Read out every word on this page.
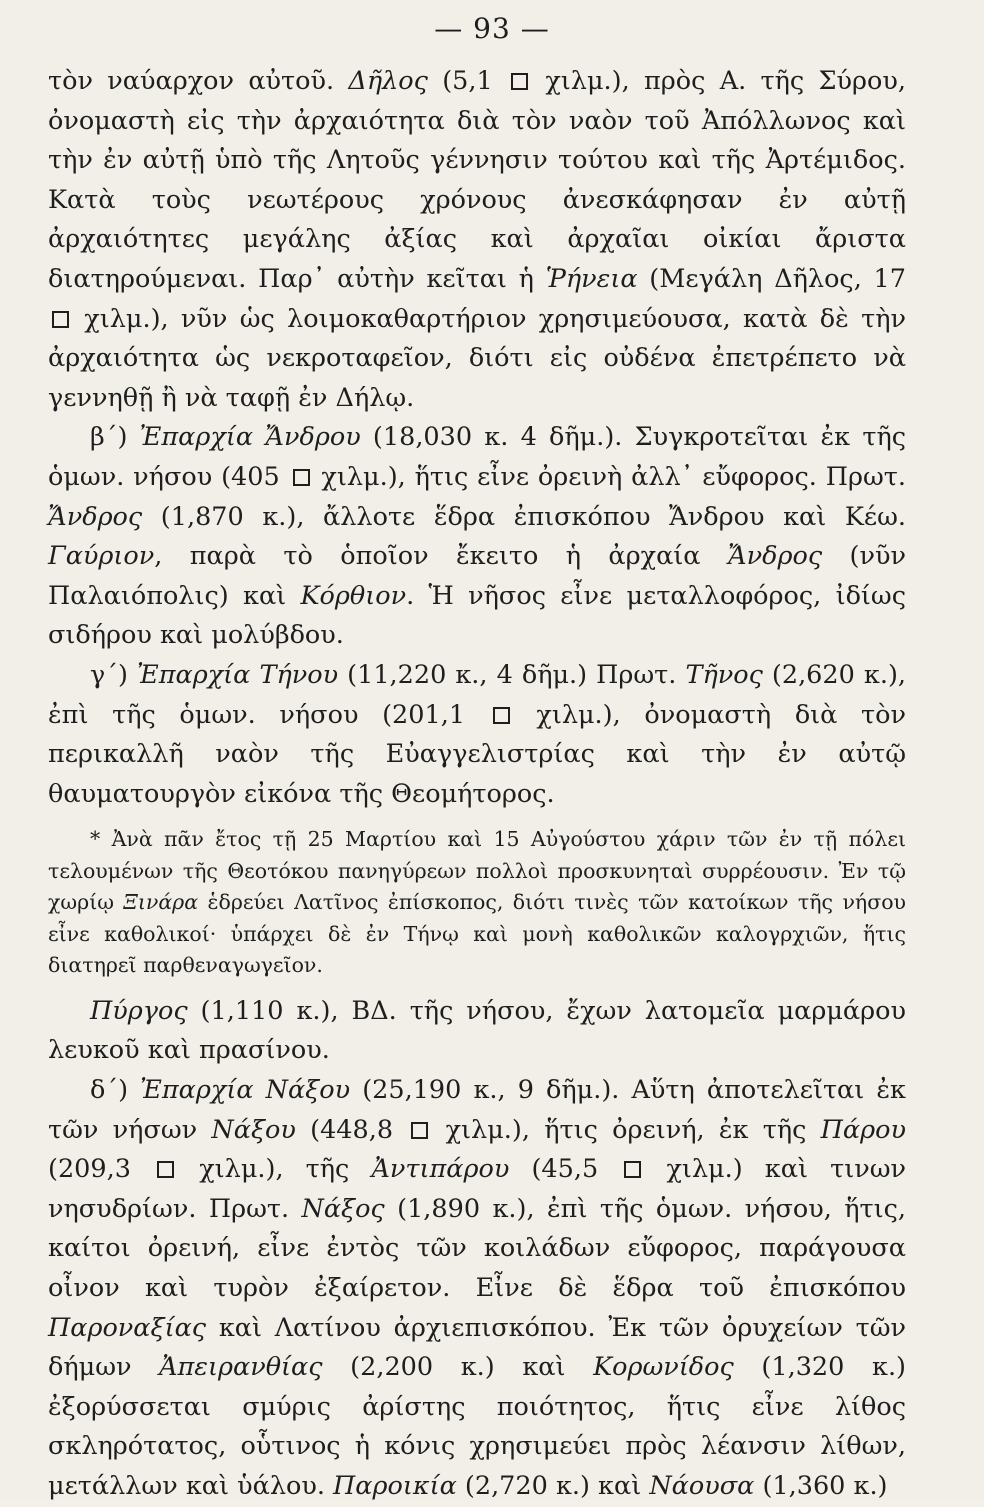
— 93 —

τὸν ναύαρχον αὐτοῦ. Δῆλος (5,1  χιλμ.), πρὸς Α. τῆς Σύρου, ὀνομαστὴ εἰς τὴν ἀρχαιότητα διὰ τὸν ναὸν τοῦ Ἀπόλλωνος καὶ τὴν ἐν αὐτῇ ὑπὸ τῆς Λητοῦς γέννησιν τούτου καὶ τῆς Ἀρτέμιδος. Κατὰ τοὺς νεωτέρους χρόνους ἀνεσκάφησαν ἐν αὐτῇ ἀρχαιότητες μεγάλης ἀξίας καὶ ἀρχαῖαι οἰκίαι ἄριστα διατηρούμεναι. Παρ᾽ αὐτὴν κεῖται ἡ Ῥήνεια (Μεγάλη Δῆλος, 17  χιλμ.), νῦν ὡς λοιμοκαθαρτήριον χρησιμεύουσα, κατὰ δὲ τὴν ἀρχαιότητα ὡς νεκροταφεῖον, διότι εἰς οὐδένα ἐπετρέπετο νὰ γεννηθῇ ἢ νὰ ταφῇ ἐν Δήλῳ.

β΄) Ἐπαρχία Ἄνδρου (18,030 κ. 4 δῆμ.). Συγκροτεῖται ἐκ τῆς ὁμων. νήσου (405  χιλμ.), ἥτις εἶνε ὀρεινὴ ἀλλ᾽ εὔφορος. Πρωτ. Ἄνδρος (1,870 κ.), ἄλλοτε ἕδρα ἐπισκόπου Ἄνδρου καὶ Κέω. Γαύριον, παρὰ τὸ ὁποῖον ἔκειτο ἡ ἀρχαία Ἄνδρος (νῦν Παλαιόπολις) καὶ Κόρθιον. Ἡ νῆσος εἶνε μεταλλοφόρος, ἰδίως σιδήρου καὶ μολύβδου.

γ΄) Ἐπαρχία Τήνου (11,220 κ., 4 δῆμ.) Πρωτ. Τῆνος (2,620 κ.), ἐπὶ τῆς ὁμων. νήσου (201,1  χιλμ.), ὀνομαστὴ διὰ τὸν περικαλλῆ ναὸν τῆς Εὐαγγελιστρίας καὶ τὴν ἐν αὐτῷ θαυματουργὸν εἰκόνα τῆς Θεομήτορος.

* Ἀνὰ πᾶν ἔτος τῇ 25 Μαρτίου καὶ 15 Αὐγούστου χάριν τῶν ἐν τῇ πόλει τελουμένων τῆς Θεοτόκου πανηγύρεων πολλοὶ προσκυνηταὶ συρρέουσιν. Ἐν τῷ χωρίῳ Ξινάρα ἑδρεύει Λατῖνος ἐπίσκοπος, διότι τινὲς τῶν κατοίκων τῆς νήσου εἶνε καθολικοί· ὑπάρχει δὲ ἐν Τήνῳ καὶ μονὴ καθολικῶν καλογρχιῶν, ἥτις διατηρεῖ παρθεναγωγεῖον.

Πύργος (1,110 κ.), ΒΔ. τῆς νήσου, ἔχων λατομεῖα μαρμάρου λευκοῦ καὶ πρασίνου.

δ΄) Ἐπαρχία Νάξου (25,190 κ., 9 δῆμ.). Αὕτη ἀποτελεῖται ἐκ τῶν νήσων Νάξου (448,8  χιλμ.), ἥτις ὀρεινή, ἐκ τῆς Πάρου (209,3  χιλμ.), τῆς Ἀντιπάρου (45,5  χιλμ.) καὶ τινων νησυδρίων. Πρωτ. Νάξος (1,890 κ.), ἐπὶ τῆς ὁμων. νήσου, ἥτις, καίτοι ὀρεινή, εἶνε ἐντὸς τῶν κοιλάδων εὔφορος, παράγουσα οἶνον καὶ τυρὸν ἐξαίρετον. Εἶνε δὲ ἕδρα τοῦ ἐπισκόπου Παροναξίας καὶ Λατίνου ἀρχιεπισκόπου. Ἐκ τῶν ὀρυχείων τῶν δήμων Ἀπειρανθίας (2,200 κ.) καὶ Κορωνίδος (1,320 κ.) ἐξορύσσεται σμύρις ἀρίστης ποιότητος, ἥτις εἶνε λίθος σκληρότατος, οὗτινος ἡ κόνις χρησιμεύει πρὸς λέανσιν λίθων, μετάλλων καὶ ὑάλου. Παροικία (2,720 κ.) καὶ Νάουσα (1,360 κ.)
